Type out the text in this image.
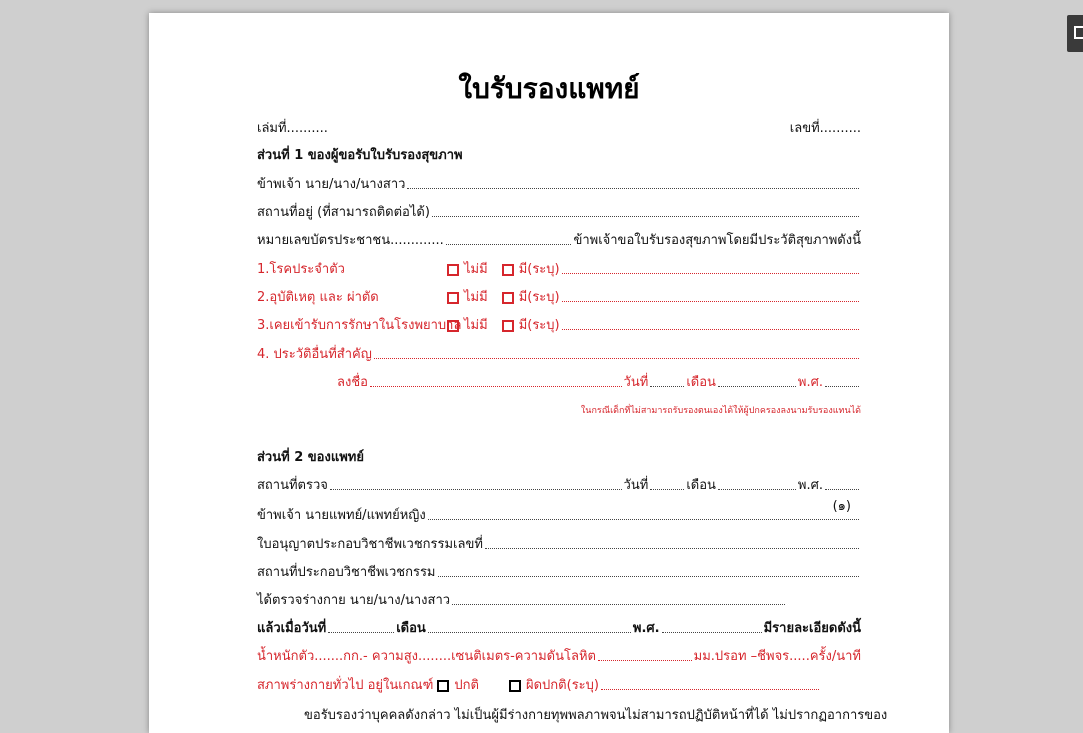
ใบรับรองแพทย์
เล่มที่..........	เลขที่..........
ส่วนที่ 1 ของผู้ขอรับใบรับรองสุขภาพ
ข้าพเจ้า นาย/นาง/นางสาว
สถานที่อยู่ (ที่สามารถติดต่อได้)
หมายเลขบัตรประชาชน.............	ข้าพเจ้าขอใบรับรองสุขภาพโดยมีประวัติสุขภาพดังนี้
1.โรคประจำตัว	ไม่มี มี(ระบุ)
2.อุบัติเหตุ และ ผ่าตัด	ไม่มี มี(ระบุ)
3.เคยเข้ารับการรักษาในโรงพยาบาล ไม่มี มี(ระบุ)
4. ประวัติอื่นที่สำคัญ
ลงชื่อ	วันที่	เดือน	พ.ศ.
ในกรณีเด็กที่ไม่สามารถรับรองตนเองได้ให้ผู้ปกครองลงนามรับรองแทนได้
ส่วนที่ 2 ของแพทย์
สถานที่ตรวจ	วันที่	เดือน	พ.ศ.
ข้าพเจ้า นายแพทย์/แพทย์หญิง
(๑)
ใบอนุญาตประกอบวิชาชีพเวชกรรมเลขที่
สถานที่ประกอบวิชาชีพเวชกรรม
ได้ตรวจร่างกาย นาย/นาง/นางสาว
แล้วเมื่อวันที่	เดือน	พ.ศ.	มีรายละเอียดดังนี้
น้ำหนักตัว.......กก.- ความสูง........เซนติเมตร-ความดันโลหิต	มม.ปรอท –ชีพจร.....ครั้ง/นาที
สภาพร่างกายทั่วไป อยู่ในเกณฑ์ ปกติ	ผิดปกติ(ระบุ)
ขอรับรองว่าบุคคลดังกล่าว ไม่เป็นผู้มีร่างกายทุพพลภาพจนไม่สามารถปฏิบัติหน้าที่ได้ ไม่ปรากฏอาการของ
